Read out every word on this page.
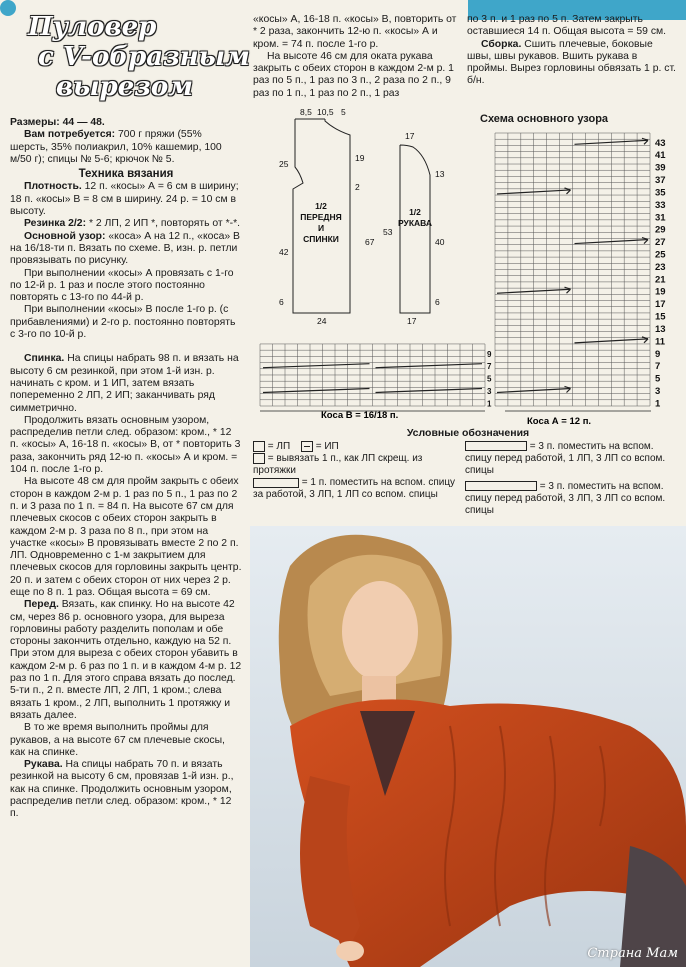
Пуловер
с V-образным
вырезом

Размеры: 44 — 48.

Вам потребуется: 700 г пряжи (55% шерсть, 35% полиакрил, 10% кашемир, 100 м/50 г); спицы № 5-6; крючок № 5.

Техника вязания

Плотность. 12 п. «косы» А = 6 см в ширину; 18 п. «косы» В = 8 см в ширину. 24 р. = 10 см в высоту.

Резинка 2/2: * 2 ЛП, 2 ИП *, повторять от *-*.

Основной узор: «коса» А на 12 п., «коса» В на 16/18-ти п. Вязать по схеме. В, изн. р. петли провязывать по рисунку.

При выполнении «косы» А провязать с 1-го по 12-й р. 1 раз и после этого постоянно повторять с 13-го по 44-й р.

При выполнении «косы» В после 1-го р. (с прибавлениями) и 2-го р. постоянно повторять с 3-го по 10-й р.

Спинка. На спицы набрать 98 п. и вязать на высоту 6 см резинкой, при этом 1-й изн. р. начинать с кром. и 1 ИП, затем вязать попеременно 2 ЛП, 2 ИП; заканчивать ряд симметрично.

Продолжить вязать основным узором, распределив петли след. образом: кром., * 12 п. «косы» А, 16-18 п. «косы» В, от * повторить 3 раза, закончить ряд 12-ю п. «косы» А и кром. = 104 п. после 1-го р.

На высоте 48 см для пройм закрыть с обеих сторон в каждом 2-м р. 1 раз по 5 п., 1 раз по 2 п. и 3 раза по 1 п. = 84 п. На высоте 67 см для плечевых скосов с обеих сторон закрыть в каждом 2-м р. 3 раза по 8 п., при этом на участке «косы» В провязывать вместе 2 по 2 п. ЛП. Одновременно с 1-м закрытием для плечевых скосов для горловины закрыть центр. 20 п. и затем с обеих сторон от них через 2 р. еще по 8 п. 1 раз. Общая высота = 69 см.

Перед. Вязать, как спинку. Но на высоте 42 см, через 86 р. основного узора, для выреза горловины работу разделить пополам и обе стороны закончить отдельно, каждую на 52 п. При этом для выреза с обеих сторон убавить в каждом 2-м р. 6 раз по 1 п. и в каждом 4-м р. 12 раз по 1 п. Для этого справа вязать до послед. 5-ти п., 2 п. вместе ЛП, 2 ЛП, 1 кром.; слева вязать 1 кром., 2 ЛП, выполнить 1 протяжку и вязать далее.

В то же время выполнить проймы для рукавов, а на высоте 67 см плечевые скосы, как на спинке.

Рукава. На спицы набрать 70 п. и вязать резинкой на высоту 6 см, провязав 1-й изн. р., как на спинке. Продолжить основным узором, распределив петли след. образом: кром., * 12 п.

«косы» А, 16-18 п. «косы» В, повторить от * 2 раза, закончить 12-ю п. «косы» А и кром. = 74 п. после 1-го р.

На высоте 46 см для оката рукава закрыть с обеих сторон в каждом 2-м р. 1 раз по 5 п., 1 раз по 3 п., 2 раза по 2 п., 9 раз по 1 п., 1 раз по 2 п., 1 раз

по 3 п. и 1 раз по 5 п. Затем закрыть оставшиеся 14 п. Общая высота = 59 см.

Сборка. Сшить плечевые, боковые швы, швы рукавов. Вшить рукава в проймы. Вырез горловины обвязать 1 р. ст. б/н.

8,5 10,5 5
25
42
6
19
2
67
24
17
13
53
40
6
17
1/2
ПЕРЕДНЯ
И
СПИНКИ
1/2
РУКАВА
Схема основного узора
43
41
39
37
35
33
31
29
27
25
23
21
19
17
15
13
11
9
7
5
3
1
9
7
5
3
1
Коса В = 16/18 п.
Коса А = 12 п.
Условные обозначения
= ЛП	= ИП
= вывязать 1 п., как ЛП скрещ. из протяжки
= 1 п. поместить на вспом. спицу за работой, 3 ЛП, 1 ЛП со вспом. спицы
= 3 п. поместить на вспом. спицу перед работой, 1 ЛП, 3 ЛП со вспом. спицы
= 3 п. поместить на вспом. спицу перед работой, 3 ЛП, 3 ЛП со вспом. спицы
Страна Мам
